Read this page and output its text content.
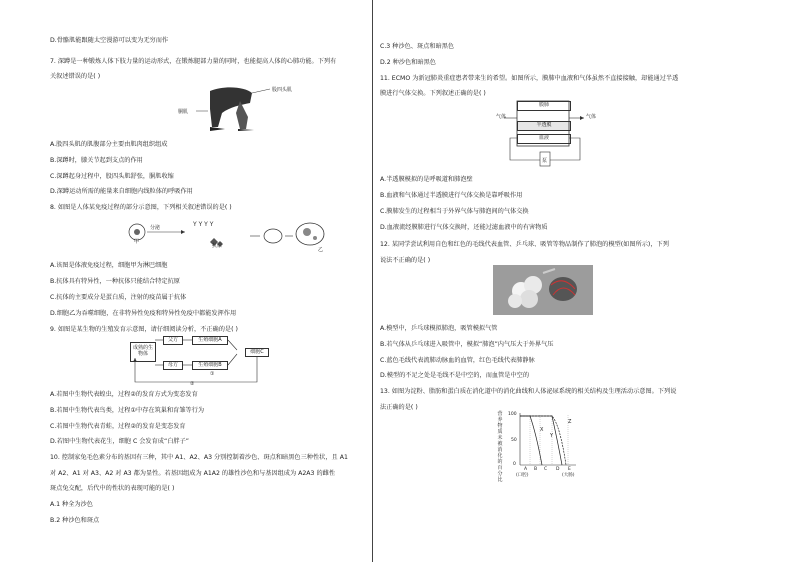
D.骨骼肌能跟随太空漫游可以变为无穷而作
7. 深蹲是一种锻炼人体下肢力量的运动形式，在锻炼腿部力量的同时，也能提高人体的心肺功能。下列有
关叙述错误的是( )
股四头肌
胴肌
A.股四头肌的肌腹部分主要由肌肉组织组成
B.深蹲时，膝关节起到支点的作用
C.深蹲起身过程中，股四头肌舒张，胴肌收缩
D.深蹲运动所需的能量来自细胞内线粒体的呼吸作用
8. 如图是人体某免疫过程的部分示意图，下列相关叙述错误的是( )
Y Y Y Y
甲
分泌
抗原
乙
A.该图是体液免疫过程，细胞甲为淋巴细胞
B.抗体具有特异性，一种抗体只能结合特定抗原
C.抗体的主要成分是蛋白质，注射的疫苗属于抗体
D.细胞乙为吞噬细胞，在非特异性免疫和特异性免疫中都能发挥作用
9. 如图是某生物的生殖发育示意图，请仔细阅读分析，不正确的是( )
成熟的生物体
父方
母方
生殖细胞A
生殖细胞B
细胞C
①
②
A.若图中生物代表蝗虫，过程②的发育方式为变态发育
B.若图中生物代表鸟类，过程①中存在筑巢和育雏等行为
C.若图中生物代表青蛙，过程②的发育是变态发育
D.若图中生物代表花生，细胞 C 会发育成“白胖子”
10. 控制家兔毛色素分布的基因有三种，其中 A1、A2、A3 分别控制着沙色、斑点和暗黑色三种性状，且 A1
对 A2、A1 对 A3、A2 对 A3 都为显性。若基因组成为 A1A2 的雄性沙色和与基因组成为 A2A3 的雌性
斑点兔交配，后代中的性状的表现可能的是( )
A.1 种全为沙色
B.2 种沙色和斑点
C.3 种沙色、斑点和暗黑色
D.2 种沙色和暗黑色
11. ECMO 为新冠肺炎重症患者带来生的希望。如图所示，膜肺中血液和气体虽然不直接接触，却能通过半透
膜进行气体交换。下列叙述正确的是( )
膜肺
半透膜
血液
气体	气体
泵
A.半透膜模拟的是呼吸道和肺泡壁
B.血液和气体通过半透膜进行气体交换是靠呼吸作用
C.膜肺发生的过程相当于外界气体与肺泡间的气体交换
D.血液流经膜肺进行气体交换时，还能过滤血液中的有害物质
12. 某同学尝试利用自色和红色的毛线代表血管、乒乓球、吸管等物品制作了肺泡的模型(如图所示)，下列
说法不正确的是( )
A.模型中，乒乓球模拟肺泡，吸管模拟气管
B.若气体从乒乓球进入吸管中，模拟“肺泡”内气压大于外界气压
C.蓝色毛线代表流肺动脉血的血管，红色毛线代表肺静脉
D.模型的不足之处是毛线不是中空的，而血管是中空的
13. 如图为淀粉、脂肪和蛋白质在消化道中的消化曲线和人体泌尿系统的相关结构及生理活动示意图。下列说
法正确的是( )
营养物质未被消化的百分比
100
50
0
X
Y
Z
A B C D E
(口腔)	(大肠)
